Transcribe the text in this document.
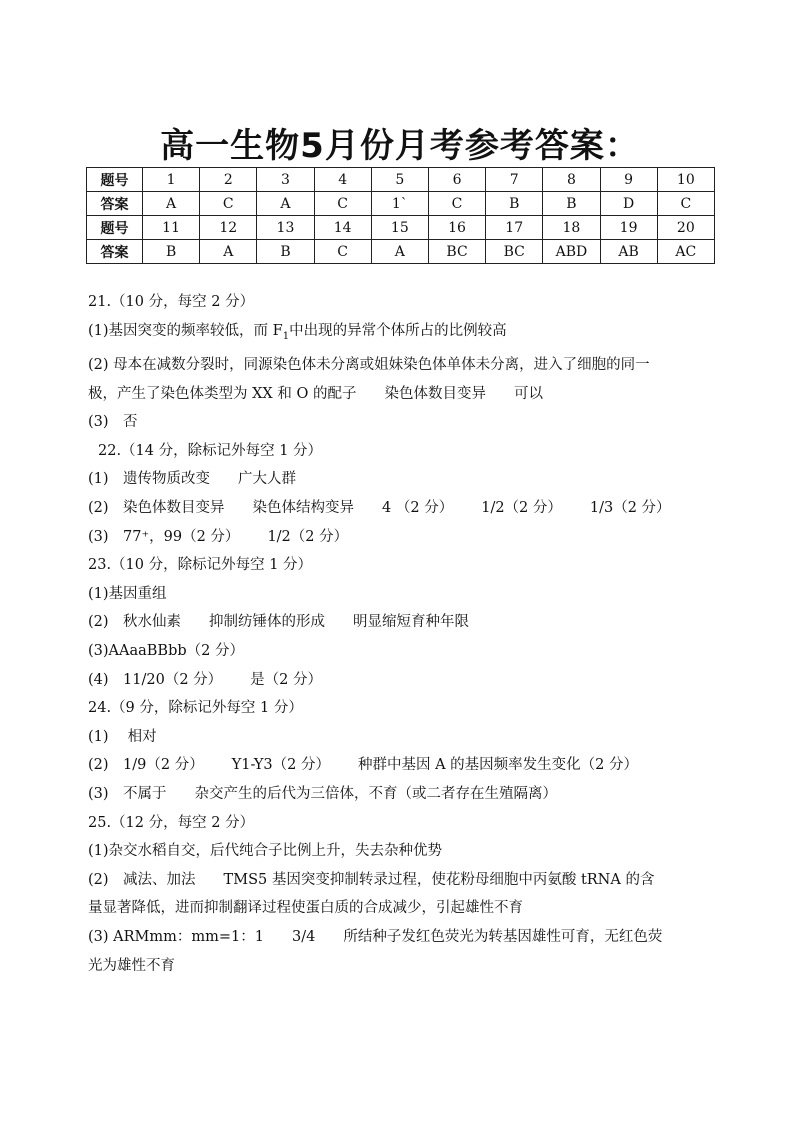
高一生物5月份月考参考答案：
题号	1	2	3	4	5	6	7	8	9	10
答案	A	C	A	C	1`	C	B	B	D	C
题号	11	12	13	14	15	16	17	18	19	20
答案	B	A	B	C	A	BC	BC	ABD	AB	AC
21.（10 分，每空 2 分）
(1)基因突变的频率较低，而 $F_1$中出现的异常个体所占的比例较高
(2) 母本在减数分裂时，同源染色体未分离或姐妹染色体单体未分离，进入了细胞的同一
极，产生了染色体类型为 XX 和 O 的配子 染色体数目变异 可以
(3)　否
22.（14 分，除标记外每空 1 分）
(1)　遗传物质改变 广大人群
(2)　染色体数目变异 染色体结构变异 4 （2 分） 1/2（2 分） 1/3（2 分）
(3)　77⁺，99（2 分） 1/2（2 分）
23.（10 分，除标记外每空 1 分）
(1)基因重组
(2)　秋水仙素 抑制纺锤体的形成 明显缩短育种年限
(3)AAaaBBbb（2 分）
(4)　11/20（2 分） 是（2 分）
24.（9 分，除标记外每空 1 分）
(1)　 相对
(2)　1/9（2 分） Y1-Y3（2 分） 种群中基因 A 的基因频率发生变化（2 分）
(3)　不属于 杂交产生的后代为三倍体，不育（或二者存在生殖隔离）
25.（12 分，每空 2 分）
(1)杂交水稻自交，后代纯合子比例上升，失去杂种优势
(2)　减法、加法 TMS5 基因突变抑制转录过程，使花粉母细胞中丙氨酸 tRNA 的含
量显著降低，进而抑制翻译过程使蛋白质的合成减少，引起雄性不育
(3) ARMmm：mm=1：1 3/4 所结种子发红色荧光为转基因雄性可育，无红色荧
光为雄性不育
